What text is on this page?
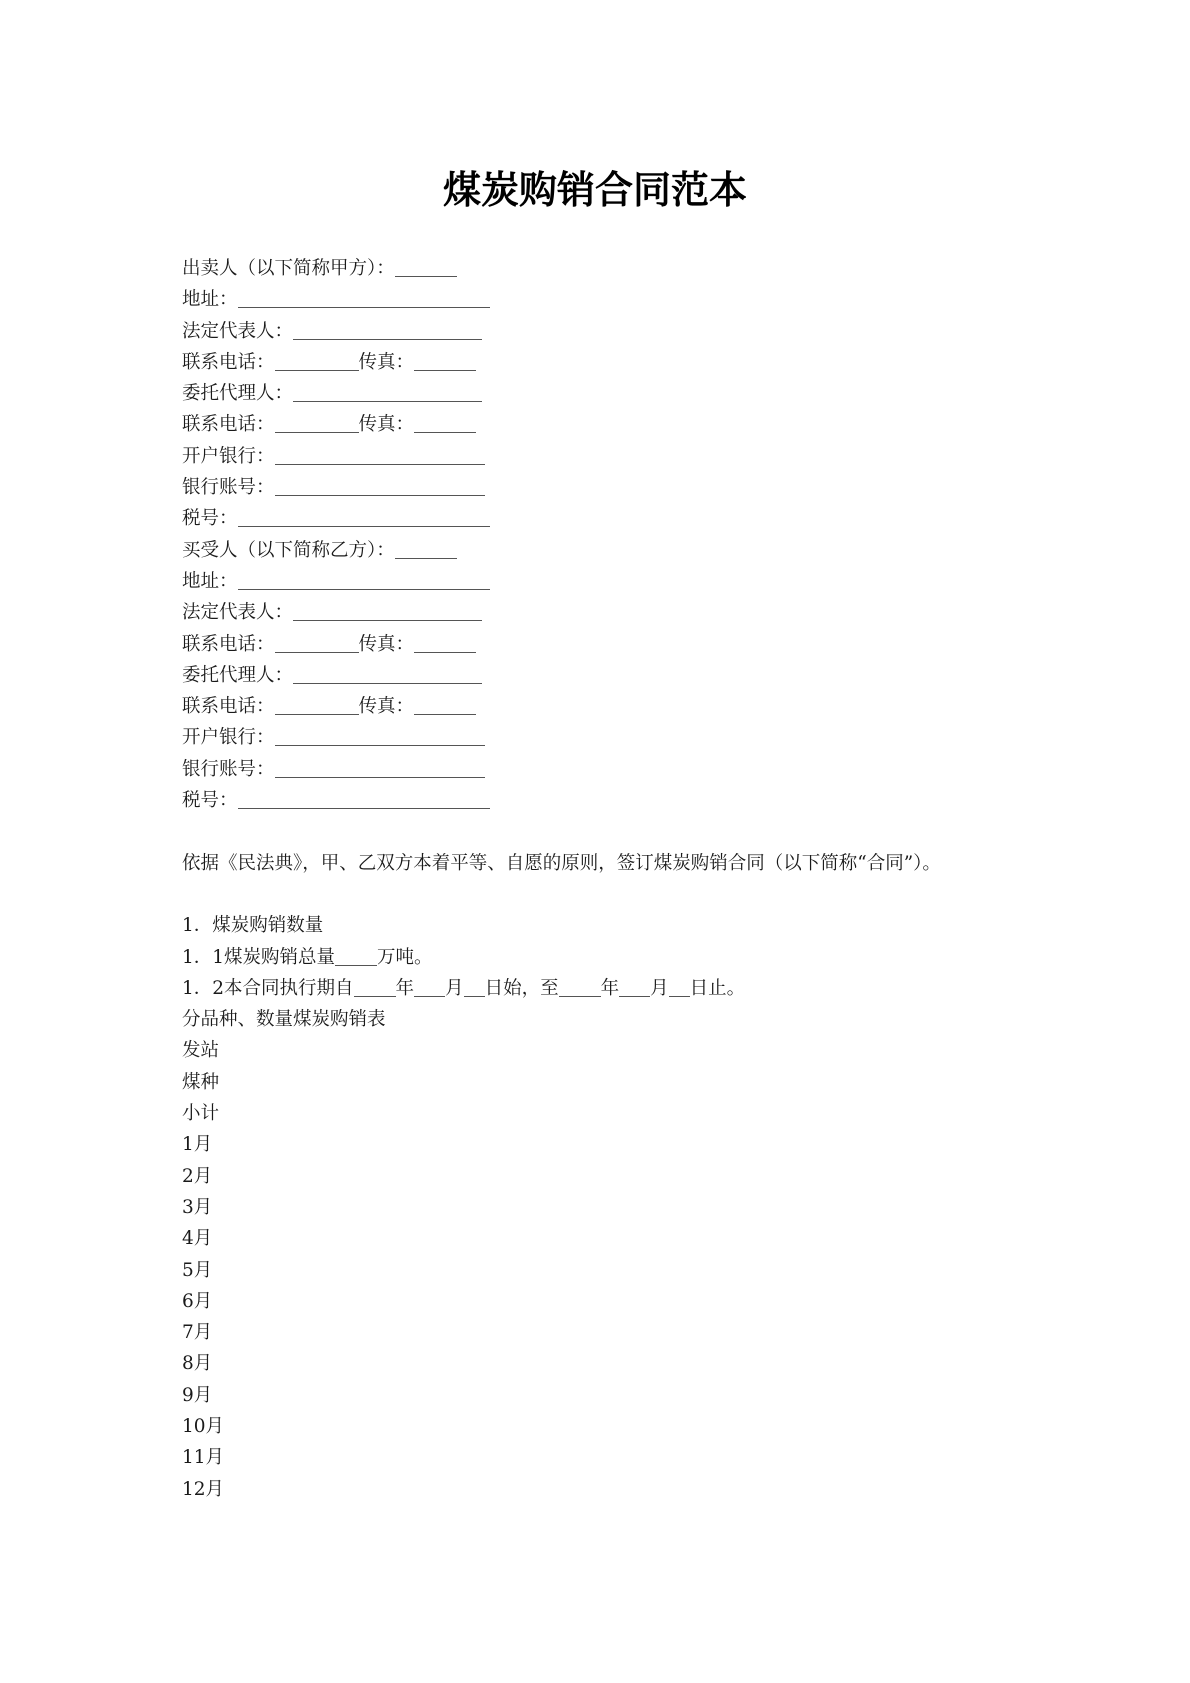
煤炭购销合同范本
出卖人（以下简称甲方）：
地址：
法定代表人：
联系电话：	传真：
委托代理人：
联系电话：	传真：
开户银行：
银行账号：
税号：
买受人（以下简称乙方）：
地址：
法定代表人：
联系电话：	传真：
委托代理人：
联系电话：	传真：
开户银行：
银行账号：
税号：
依据《民法典》，甲、乙双方本着平等、自愿的原则，签订煤炭购销合同（以下简称“合同”）。
1．煤炭购销数量
1．1煤炭购销总量 万吨。
1．2本合同执行期自 年 月 日始，至 年 月 日止。
分品种、数量煤炭购销表
发站
煤种
小计
1月
2月
3月
4月
5月
6月
7月
8月
9月
10月
11月
12月
